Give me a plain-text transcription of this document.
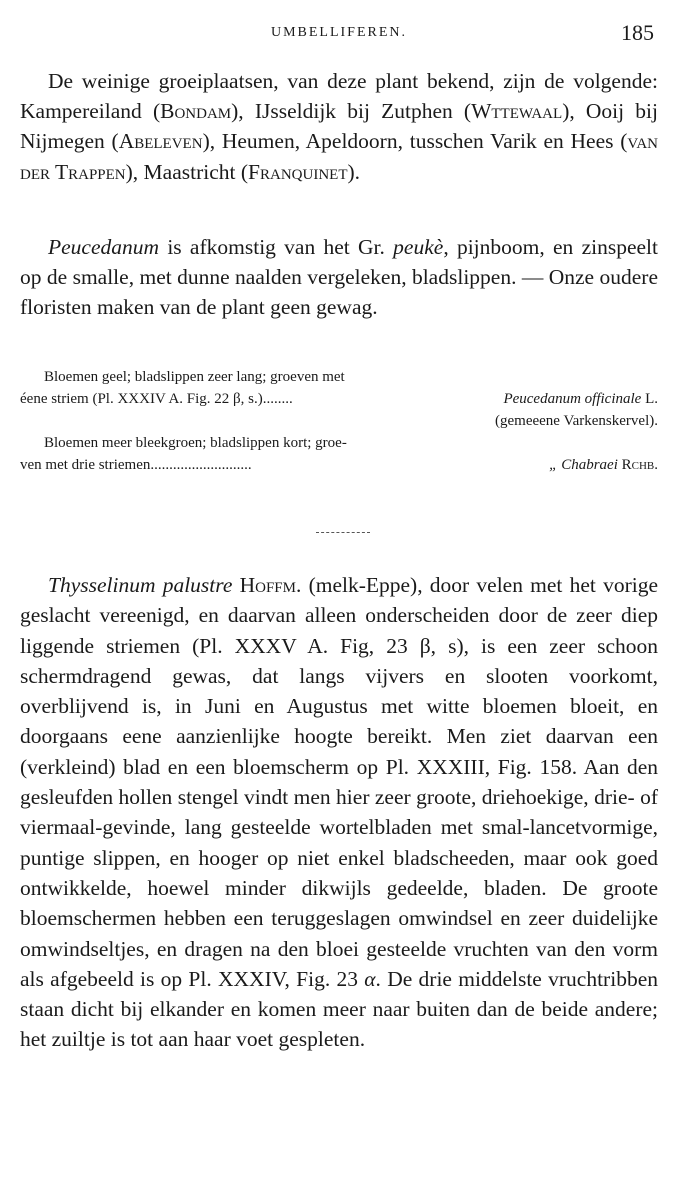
UMBELLIFEREN.	185

De weinige groeiplaatsen, van deze plant bekend, zijn de volgende: Kampereiland (Bondam), IJsseldijk bij Zutphen (Wttewaal), Ooij bij Nijmegen (Abeleven), Heumen, Apeldoorn, tusschen Varik en Hees (van der Trappen), Maastricht (Franquinet).

Peucedanum is afkomstig van het Gr. peukè, pijnboom, en zinspeelt op de smalle, met dunne naalden vergeleken, bladslippen. — Onze oudere floristen maken van de plant geen gewag.

Bloemen geel; bladslippen zeer lang; groeven met
éene striem (Pl. XXXIV A. Fig. 22 β, s.)........	Peucedanum officinale L.
(gemeeene Varkenskervel).
Bloemen meer bleekgroen; bladslippen kort; groe-
ven met drie striemen...........................	„ Chabraei Rchb.

Thysselinum palustre Hoffm. (melk-Eppe), door velen met het vorige geslacht vereenigd, en daarvan alleen onderscheiden door de zeer diep liggende striemen (Pl. XXXV A. Fig, 23 β, s), is een zeer schoon schermdragend gewas, dat langs vijvers en slooten voorkomt, overblijvend is, in Juni en Augustus met witte bloemen bloeit, en doorgaans eene aanzienlijke hoogte bereikt. Men ziet daarvan een (verkleind) blad en een bloemscherm op Pl. XXXIII, Fig. 158. Aan den gesleufden hollen stengel vindt men hier zeer groote, driehoekige, drie- of viermaal-gevinde, lang gesteelde wortelbladen met smal-lancetvormige, puntige slippen, en hooger op niet enkel bladscheeden, maar ook goed ontwikkelde, hoewel minder dikwijls gedeelde, bladen. De groote bloemschermen hebben een teruggeslagen omwindsel en zeer duidelijke omwindseltjes, en dragen na den bloei gesteelde vruchten van den vorm als afgebeeld is op Pl. XXXIV, Fig. 23 α. De drie middelste vruchtribben staan dicht bij elkander en komen meer naar buiten dan de beide andere; het zuiltje is tot aan haar voet gespleten.
